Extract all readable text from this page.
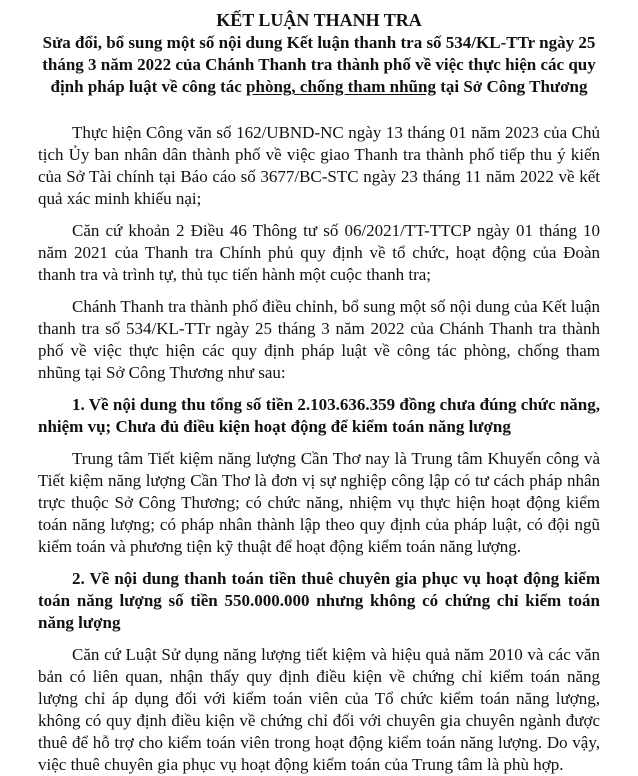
KẾT LUẬN THANH TRA

Sửa đổi, bổ sung một số nội dung Kết luận thanh tra số 534/KL-TTr ngày 25 tháng 3 năm 2022 của Chánh Thanh tra thành phố về việc thực hiện các quy định pháp luật về công tác phòng, chống tham nhũng tại Sở Công Thương

Thực hiện Công văn số 162/UBND-NC ngày 13 tháng 01 năm 2023 của Chủ tịch Ủy ban nhân dân thành phố về việc giao Thanh tra thành phố tiếp thu ý kiến của Sở Tài chính tại Báo cáo số 3677/BC-STC ngày 23 tháng 11 năm 2022 về kết quả xác minh khiếu nại;

Căn cứ khoản 2 Điều 46 Thông tư số 06/2021/TT-TTCP ngày 01 tháng 10 năm 2021 của Thanh tra Chính phủ quy định về tổ chức, hoạt động của Đoàn thanh tra và trình tự, thủ tục tiến hành một cuộc thanh tra;

Chánh Thanh tra thành phố điều chỉnh, bổ sung một số nội dung của Kết luận thanh tra số 534/KL-TTr ngày 25 tháng 3 năm 2022 của Chánh Thanh tra thành phố về việc thực hiện các quy định pháp luật về công tác phòng, chống tham nhũng tại Sở Công Thương như sau:

1. Về nội dung thu tổng số tiền 2.103.636.359 đồng chưa đúng chức năng, nhiệm vụ; Chưa đủ điều kiện hoạt động để kiểm toán năng lượng

Trung tâm Tiết kiệm năng lượng Cần Thơ nay là Trung tâm Khuyến công và Tiết kiệm năng lượng Cần Thơ là đơn vị sự nghiệp công lập có tư cách pháp nhân trực thuộc Sở Công Thương; có chức năng, nhiệm vụ thực hiện hoạt động kiểm toán năng lượng; có pháp nhân thành lập theo quy định của pháp luật, có đội ngũ kiểm toán và phương tiện kỹ thuật để hoạt động kiểm toán năng lượng.

2. Về nội dung thanh toán tiền thuê chuyên gia phục vụ hoạt động kiểm toán năng lượng số tiền 550.000.000 nhưng không có chứng chỉ kiểm toán năng lượng

Căn cứ Luật Sử dụng năng lượng tiết kiệm và hiệu quả năm 2010 và các văn bản có liên quan, nhận thấy quy định điều kiện về chứng chỉ kiểm toán năng lượng chỉ áp dụng đối với kiểm toán viên của Tổ chức kiểm toán năng lượng, không có quy định điều kiện về chứng chỉ đối với chuyên gia chuyên ngành được thuê để hỗ trợ cho kiểm toán viên trong hoạt động kiểm toán năng lượng. Do vậy, việc thuê chuyên gia phục vụ hoạt động kiểm toán của Trung tâm là phù hợp.
